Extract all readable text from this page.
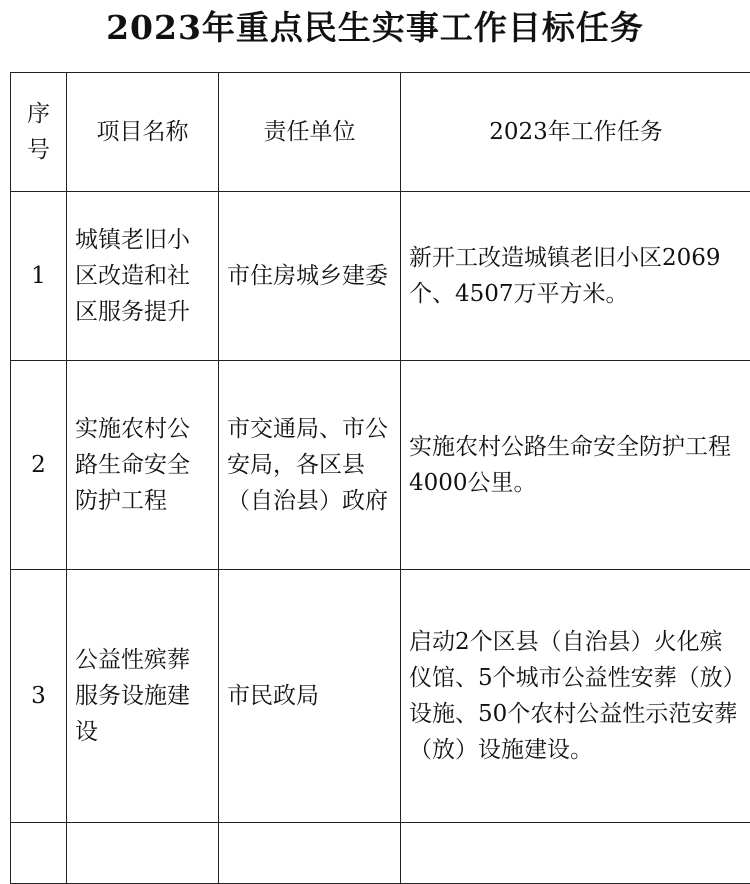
2023年重点民生实事工作目标任务
序号	项目名称	责任单位	2023年工作任务
1	城镇老旧小区改造和社区服务提升	市住房城乡建委	新开工改造城镇老旧小区2069个、4507万平方米。
2	实施农村公路生命安全防护工程	市交通局、市公安局，各区县（自治县）政府	实施农村公路生命安全防护工程4000公里。
3	公益性殡葬服务设施建设	市民政局	启动2个区县（自治县）火化殡仪馆、5个城市公益性安葬（放）设施、50个农村公益性示范安葬（放）设施建设。
